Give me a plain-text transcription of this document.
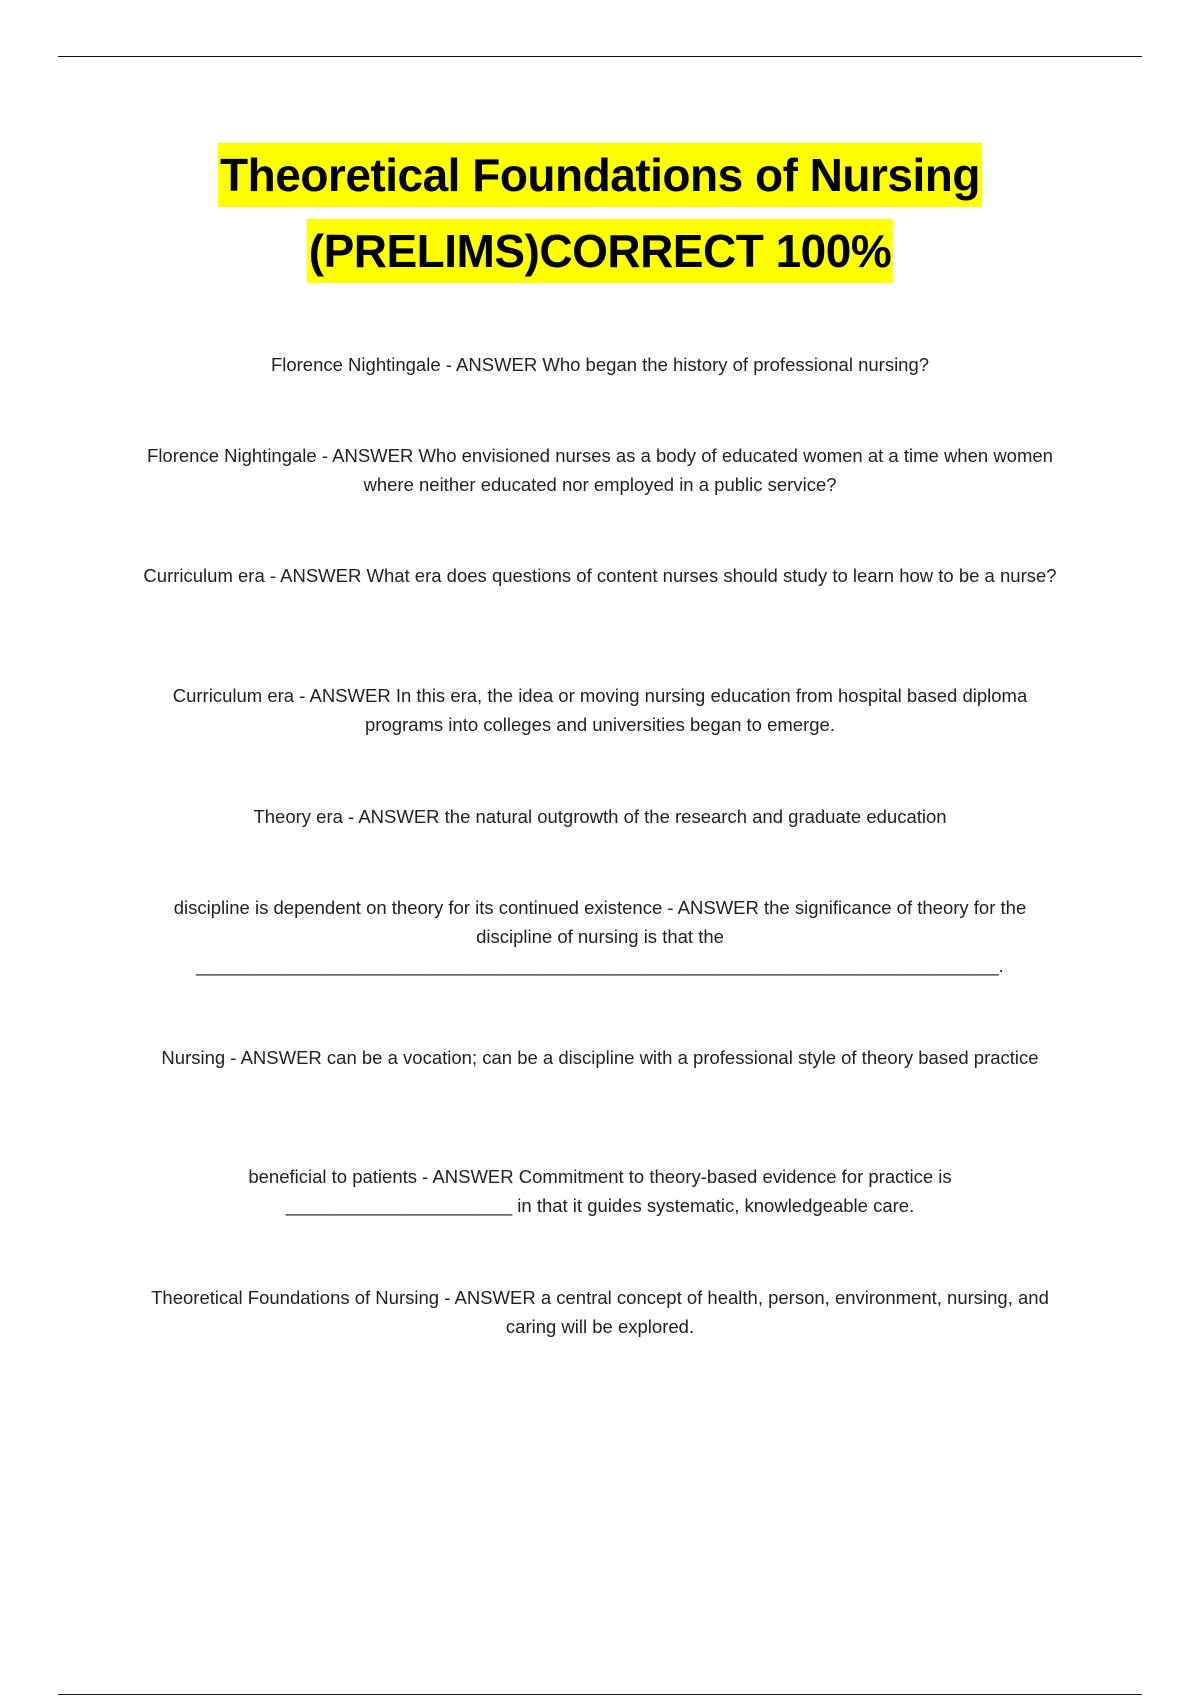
Theoretical Foundations of Nursing
(PRELIMS)CORRECT 100%
Florence Nightingale - ANSWER Who began the history of professional nursing?
Florence Nightingale - ANSWER Who envisioned nurses as a body of educated women at a time when women where neither educated nor employed in a public service?
Curriculum era - ANSWER What era does questions of content nurses should study to learn how to be a nurse?
Curriculum era - ANSWER In this era, the idea or moving nursing education from hospital based diploma programs into colleges and universities began to emerge.
Theory era - ANSWER the natural outgrowth of the research and graduate education
discipline is dependent on theory for its continued existence - ANSWER the significance of theory for the discipline of nursing is that the ______________________________________________________________________________.
Nursing - ANSWER can be a vocation; can be a discipline with a professional style of theory based practice
beneficial to patients - ANSWER Commitment to theory-based evidence for practice is ______________________ in that it guides systematic, knowledgeable care.
Theoretical Foundations of Nursing - ANSWER a central concept of health, person, environment, nursing, and caring will be explored.
